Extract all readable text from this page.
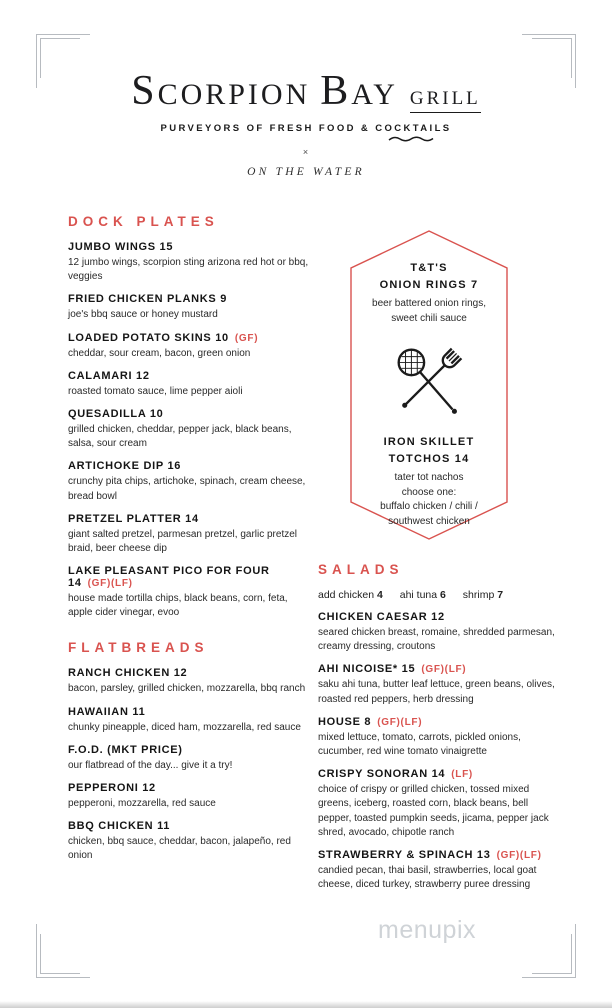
SCORPION BAY GRILL
PURVEYORS OF FRESH FOOD & COCKTAILS
×
ON THE WATER
DOCK PLATES
JUMBO WINGS 15
12 jumbo wings, scorpion sting arizona red hot or bbq, veggies
FRIED CHICKEN PLANKS 9
joe's bbq sauce or honey mustard
LOADED POTATO SKINS 10 (GF)
cheddar, sour cream, bacon, green onion
CALAMARI 12
roasted tomato sauce, lime pepper aioli
QUESADILLA 10
grilled chicken, cheddar, pepper jack, black beans, salsa, sour cream
ARTICHOKE DIP 16
crunchy pita chips, artichoke, spinach, cream cheese, bread bowl
PRETZEL PLATTER 14
giant salted pretzel, parmesan pretzel, garlic pretzel braid, beer cheese dip
LAKE PLEASANT PICO FOR FOUR 14 (GF)(LF)
house made tortilla chips, black beans, corn, feta, apple cider vinegar, evoo
FLATBREADS
RANCH CHICKEN 12
bacon, parsley, grilled chicken, mozzarella, bbq ranch
HAWAIIAN 11
chunky pineapple, diced ham, mozzarella, red sauce
F.O.D. (MKT PRICE)
our flatbread of the day... give it a try!
PEPPERONI 12
pepperoni, mozzarella, red sauce
BBQ CHICKEN 11
chicken, bbq sauce, cheddar, bacon, jalapeño, red onion
T&T'S
ONION RINGS 7
beer battered onion rings, sweet chili sauce
IRON SKILLET
TOTCHOS 14
tater tot nachos
choose one:
buffalo chicken / chili / southwest chicken
SALADS
add chicken 4 ahi tuna 6 shrimp 7
CHICKEN CAESAR 12
seared chicken breast, romaine, shredded parmesan, creamy dressing, croutons
AHI NICOISE* 15 (GF)(LF)
saku ahi tuna, butter leaf lettuce, green beans, olives, roasted red peppers, herb dressing
HOUSE 8 (GF)(LF)
mixed lettuce, tomato, carrots, pickled onions, cucumber, red wine tomato vinaigrette
CRISPY SONORAN 14 (LF)
choice of crispy or grilled chicken, tossed mixed greens, iceberg, roasted corn, black beans, bell pepper, toasted pumpkin seeds, jicama, pepper jack shred, avocado, chipotle ranch
STRAWBERRY & SPINACH 13 (GF)(LF)
candied pecan, thai basil, strawberries, local goat cheese, diced turkey, strawberry puree dressing
menupix
